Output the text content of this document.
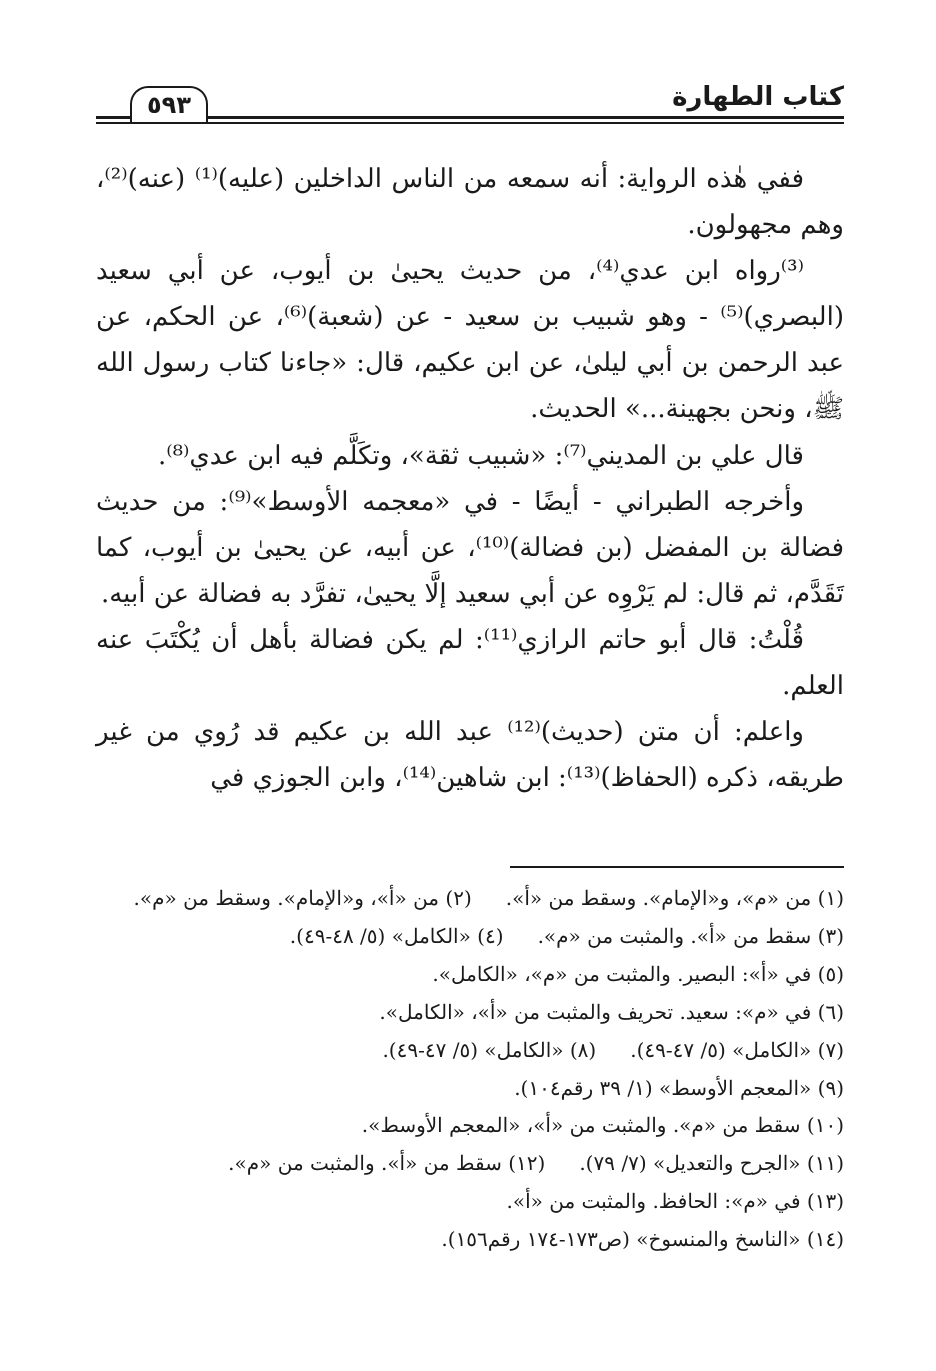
كتاب الطهارة
٥٩٣

ففي هٰذه الرواية: أنه سمعه من الناس الداخلين (عليه)⁽¹⁾ (عنه)⁽²⁾، وهم مجهولون.

⁽³⁾رواه ابن عدي⁽⁴⁾، من حديث يحيىٰ بن أيوب، عن أبي سعيد (البصري)⁽⁵⁾ - وهو شبيب بن سعيد - عن (شعبة)⁽⁶⁾، عن الحكم، عن عبد الرحمن بن أبي ليلىٰ، عن ابن عكيم، قال: «جاءنا كتاب رسول الله ﷺ، ونحن بجهينة...» الحديث.

قال علي بن المديني⁽⁷⁾: «شبيب ثقة»، وتكَلَّم فيه ابن عدي⁽⁸⁾.

وأخرجه الطبراني - أيضًا - في «معجمه الأوسط»⁽⁹⁾: من حديث فضالة بن المفضل (بن فضالة)⁽¹⁰⁾، عن أبيه، عن يحيىٰ بن أيوب، كما تَقَدَّم، ثم قال: لم يَرْوِه عن أبي سعيد إلَّا يحيىٰ، تفرَّد به فضالة عن أبيه.

قُلْتُ: قال أبو حاتم الرازي⁽¹¹⁾: لم يكن فضالة بأهل أن يُكْتَبَ عنه العلم.

واعلم: أن متن (حديث)⁽¹²⁾ عبد الله بن عكيم قد رُوي من غير طريقه، ذكره (الحفاظ)⁽¹³⁾: ابن شاهين⁽¹⁴⁾، وابن الجوزي في

(١) من «م»، و«الإمام». وسقط من «أ».
(٢) من «أ»، و«الإمام». وسقط من «م».
(٣) سقط من «أ». والمثبت من «م».
(٤) «الكامل» (٥/ ٤٨-٤٩).
(٥) في «أ»: البصير. والمثبت من «م»، «الكامل».
(٦) في «م»: سعيد. تحريف والمثبت من «أ»، «الكامل».
(٧) «الكامل» (٥/ ٤٧-٤٩).
(٨) «الكامل» (٥/ ٤٧-٤٩).
(٩) «المعجم الأوسط» (١/ ٣٩ رقم١٠٤).
(١٠) سقط من «م». والمثبت من «أ»، «المعجم الأوسط».
(١١) «الجرح والتعديل» (٧/ ٧٩).
(١٢) سقط من «أ». والمثبت من «م».
(١٣) في «م»: الحافظ. والمثبت من «أ».
(١٤) «الناسخ والمنسوخ» (ص١٧٣-١٧٤ رقم١٥٦).
